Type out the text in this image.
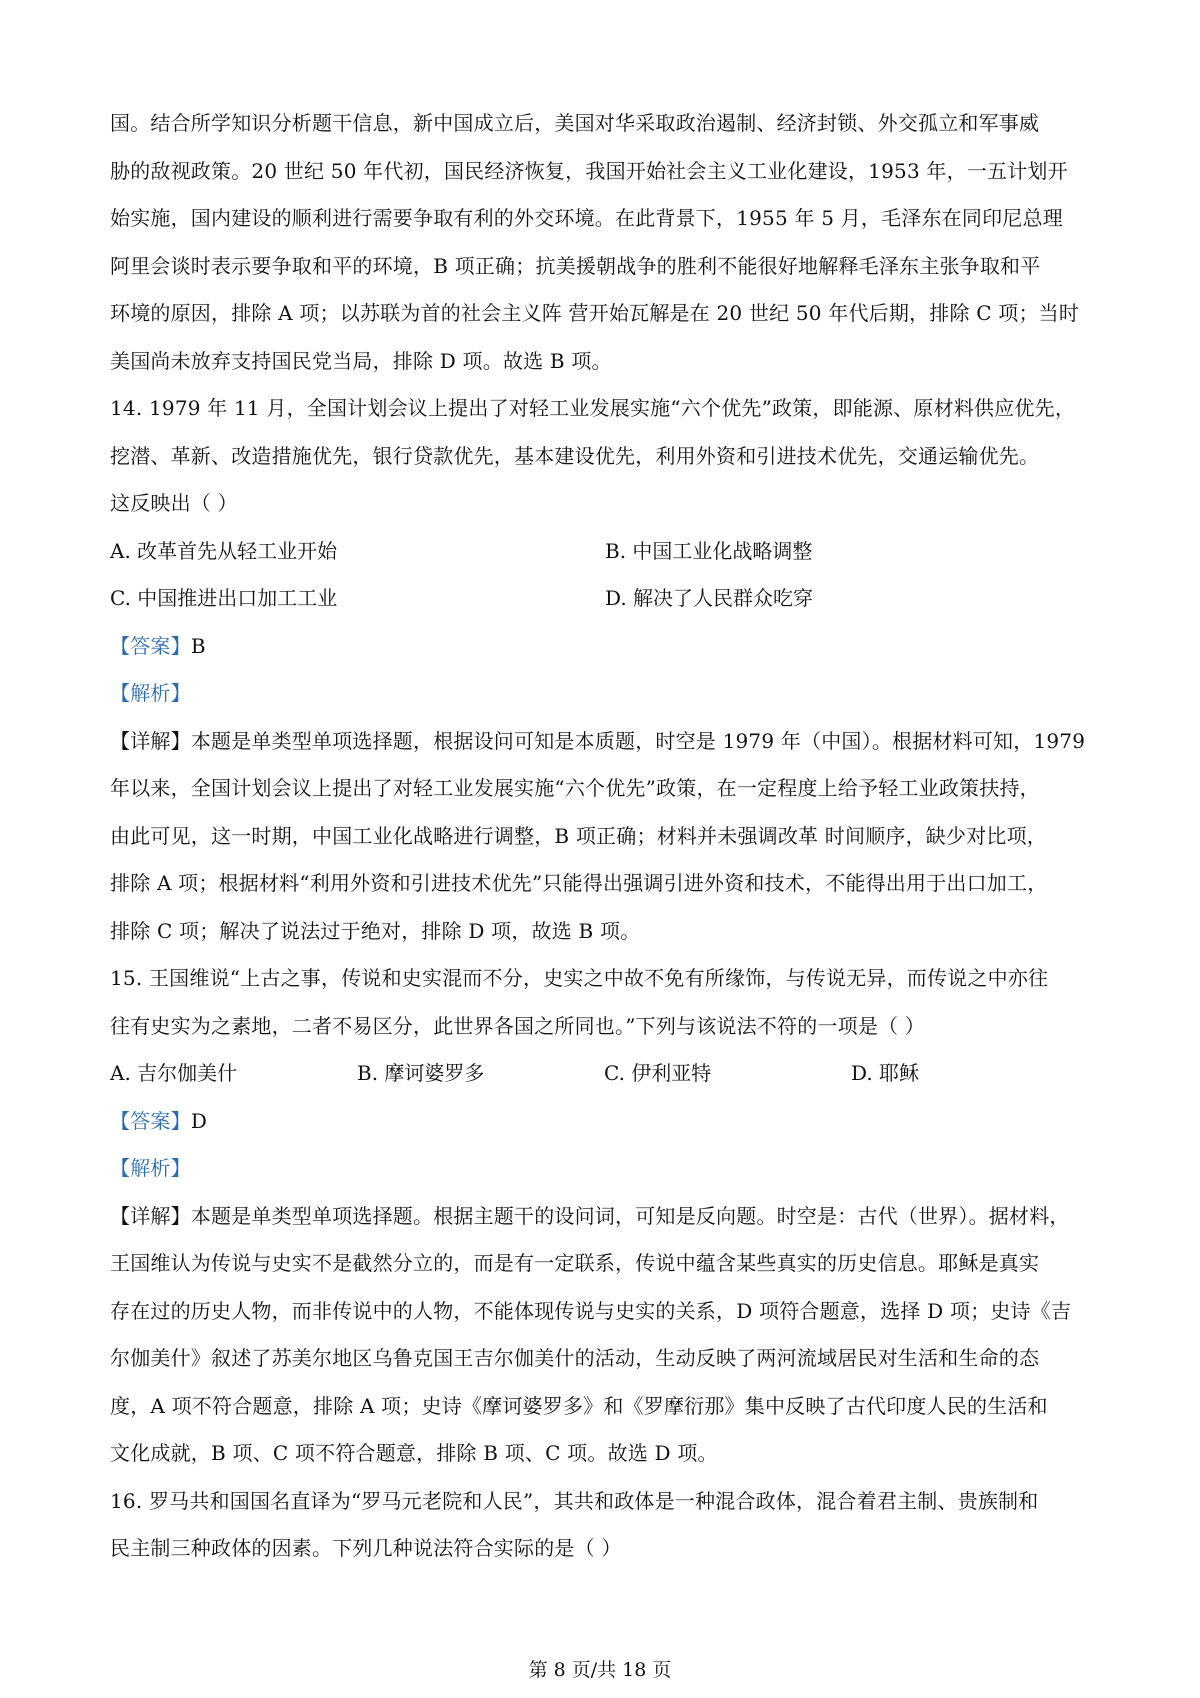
国。结合所学知识分析题干信息，新中国成立后，美国对华采取政治遏制、经济封锁、外交孤立和军事威

胁的敌视政策。20 世纪 50 年代初，国民经济恢复，我国开始社会主义工业化建设，1953 年，一五计划开

始实施，国内建设的顺利进行需要争取有利的外交环境。在此背景下，1955 年 5 月，毛泽东在同印尼总理

阿里会谈时表示要争取和平的环境，B 项正确；抗美援朝战争的胜利不能很好地解释毛泽东主张争取和平

环境的原因，排除 A 项；以苏联为首的社会主义阵 营开始瓦解是在 20 世纪 50 年代后期，排除 C 项；当时

美国尚未放弃支持国民党当局，排除 D 项。故选 B 项。

14. 1979 年 11 月，全国计划会议上提出了对轻工业发展实施“六个优先”政策，即能源、原材料供应优先，

挖潜、革新、改造措施优先，银行贷款优先，基本建设优先，利用外资和引进技术优先，交通运输优先。

这反映出（ ）

A. 改革首先从轻工业开始	B. 中国工业化战略调整
C. 中国推进出口加工工业	D. 解决了人民群众吃穿

【答案】B

【解析】

【详解】本题是单类型单项选择题，根据设问可知是本质题，时空是 1979 年（中国）。根据材料可知，1979

年以来，全国计划会议上提出了对轻工业发展实施“六个优先”政策，在一定程度上给予轻工业政策扶持，

由此可见，这一时期，中国工业化战略进行调整，B 项正确；材料并未强调改革 时间顺序，缺少对比项，

排除 A 项；根据材料“利用外资和引进技术优先”只能得出强调引进外资和技术，不能得出用于出口加工，

排除 C 项；解决了说法过于绝对，排除 D 项，故选 B 项。

15. 王国维说“上古之事，传说和史实混而不分，史实之中故不免有所缘饰，与传说无异，而传说之中亦往

往有史实为之素地，二者不易区分，此世界各国之所同也。”下列与该说法不符的一项是（ ）

A. 吉尔伽美什	B. 摩诃婆罗多	C. 伊利亚特	D. 耶稣

【答案】D

【解析】

【详解】本题是单类型单项选择题。根据主题干的设问词，可知是反向题。时空是：古代（世界）。据材料，

王国维认为传说与史实不是截然分立的，而是有一定联系，传说中蕴含某些真实的历史信息。耶稣是真实

存在过的历史人物，而非传说中的人物，不能体现传说与史实的关系，D 项符合题意，选择 D 项；史诗《吉

尔伽美什》叙述了苏美尔地区乌鲁克国王吉尔伽美什的活动，生动反映了两河流域居民对生活和生命的态

度，A 项不符合题意，排除 A 项；史诗《摩诃婆罗多》和《罗摩衍那》集中反映了古代印度人民的生活和

文化成就，B 项、C 项不符合题意，排除 B 项、C 项。故选 D 项。

16. 罗马共和国国名直译为“罗马元老院和人民”，其共和政体是一种混合政体，混合着君主制、贵族制和

民主制三种政体的因素。下列几种说法符合实际的是（ ）

第 8 页/共 18 页
